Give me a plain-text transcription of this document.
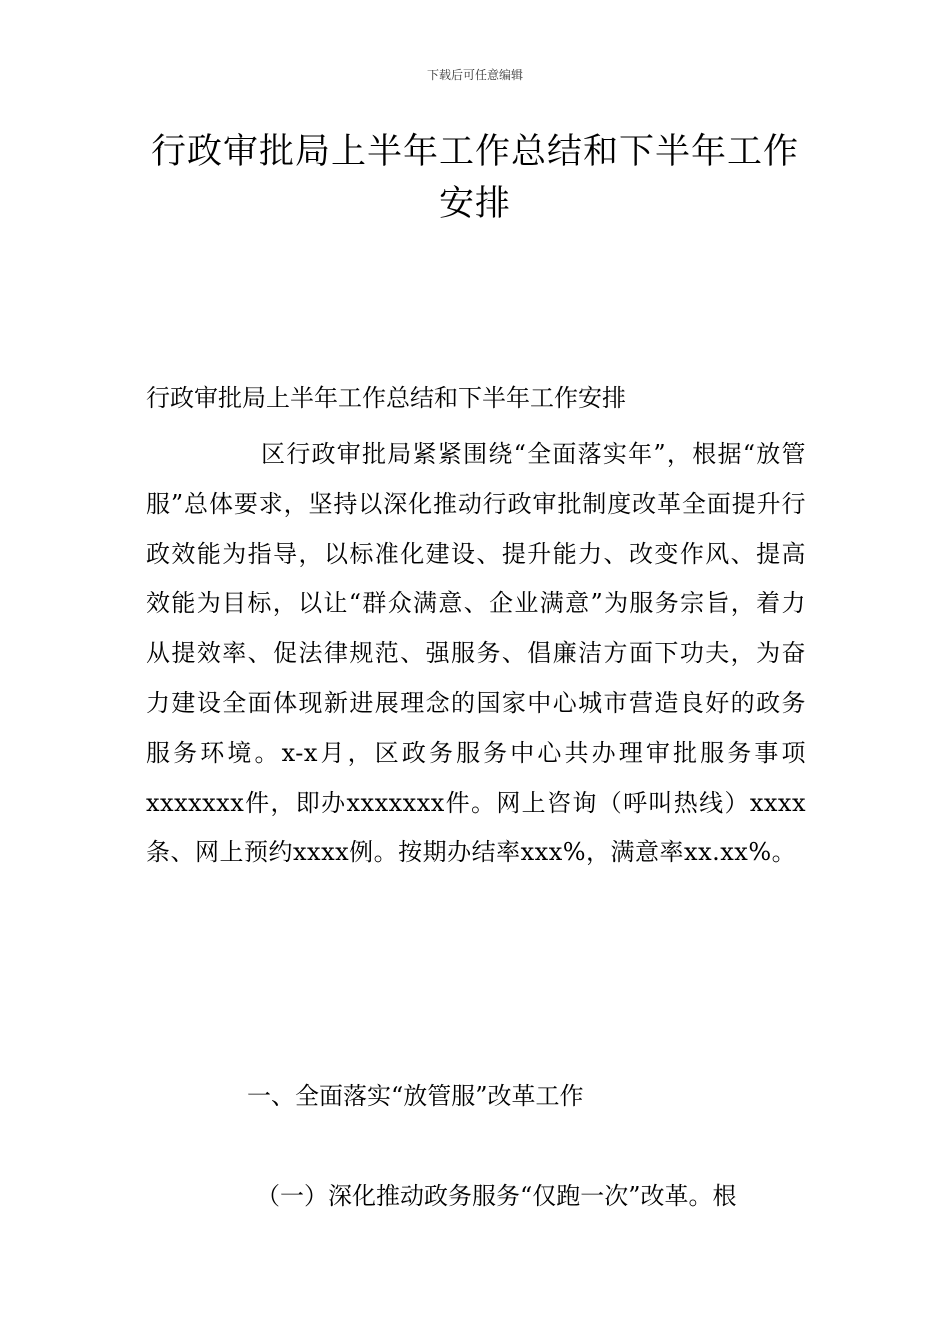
下载后可任意编辑
行政审批局上半年工作总结和下半年工作安排

行政审批局上半年工作总结和下半年工作安排

区行政审批局紧紧围绕“全面落实年”，根据“放管服”总体要求，坚持以深化推动行政审批制度改革全面提升行政效能为指导，以标准化建设、提升能力、改变作风、提高效能为目标，以让“群众满意、企业满意”为服务宗旨，着力从提效率、促法律规范、强服务、倡廉洁方面下功夫，为奋力建设全面体现新进展理念的国家中心城市营造良好的政务服务环境。x-x月，区政务服务中心共办理审批服务事项xxxxxxx件，即办xxxxxxx件。网上咨询（呼叫热线）xxxx条、网上预约xxxx例。按期办结率xxx%，满意率xx.xx%。

一、全面落实“放管服”改革工作

（一）深化推动政务服务“仅跑一次”改革。根
